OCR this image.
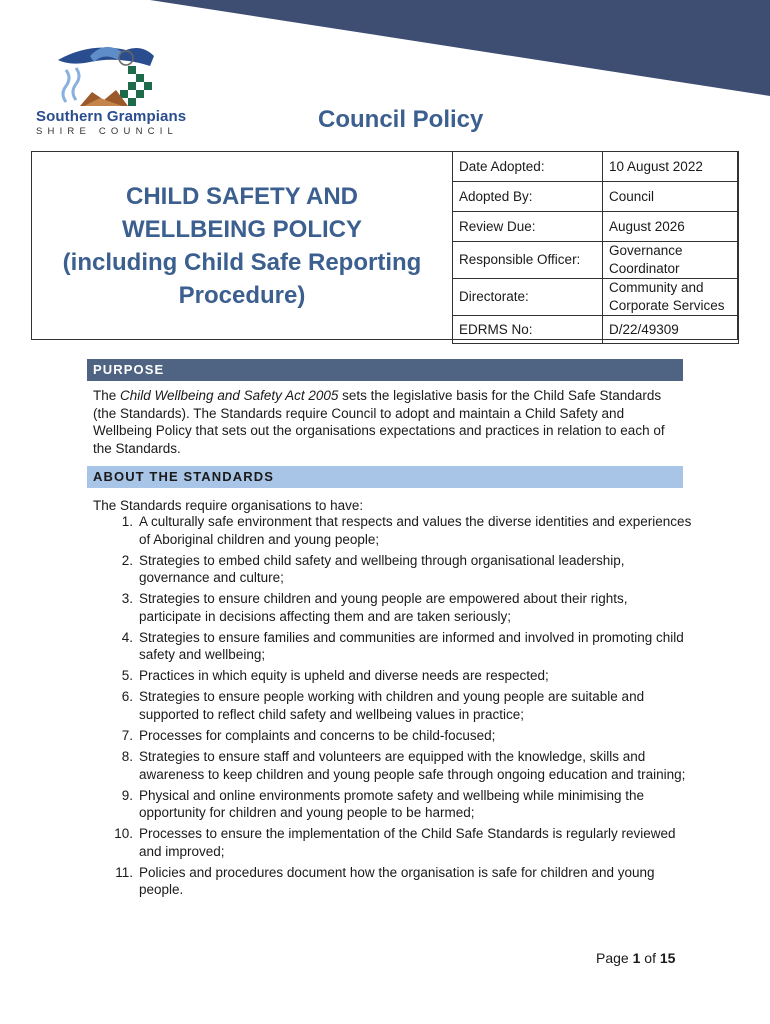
Southern Grampians
SHIRE COUNCIL	Council Policy
CHILD SAFETY AND
WELLBEING POLICY
(including Child Safe Reporting
Procedure)
Date Adopted:	10 August 2022
Adopted By:	Council
Review Due:	August 2026
Responsible Officer:	Governance Coordinator
Directorate:	Community and Corporate Services
EDRMS No:	D/22/49309
PURPOSE
The Child Wellbeing and Safety Act 2005 sets the legislative basis for the Child Safe Standards (the Standards). The Standards require Council to adopt and maintain a Child Safety and Wellbeing Policy that sets out the organisations expectations and practices in relation to each of the Standards.
ABOUT THE STANDARDS
The Standards require organisations to have:
1. A culturally safe environment that respects and values the diverse identities and experiences of Aboriginal children and young people;
2. Strategies to embed child safety and wellbeing through organisational leadership, governance and culture;
3. Strategies to ensure children and young people are empowered about their rights, participate in decisions affecting them and are taken seriously;
4. Strategies to ensure families and communities are informed and involved in promoting child safety and wellbeing;
5. Practices in which equity is upheld and diverse needs are respected;
6. Strategies to ensure people working with children and young people are suitable and supported to reflect child safety and wellbeing values in practice;
7. Processes for complaints and concerns to be child-focused;
8. Strategies to ensure staff and volunteers are equipped with the knowledge, skills and awareness to keep children and young people safe through ongoing education and training;
9. Physical and online environments promote safety and wellbeing while minimising the opportunity for children and young people to be harmed;
10. Processes to ensure the implementation of the Child Safe Standards is regularly reviewed and improved;
11. Policies and procedures document how the organisation is safe for children and young people.
Page 1 of 15
